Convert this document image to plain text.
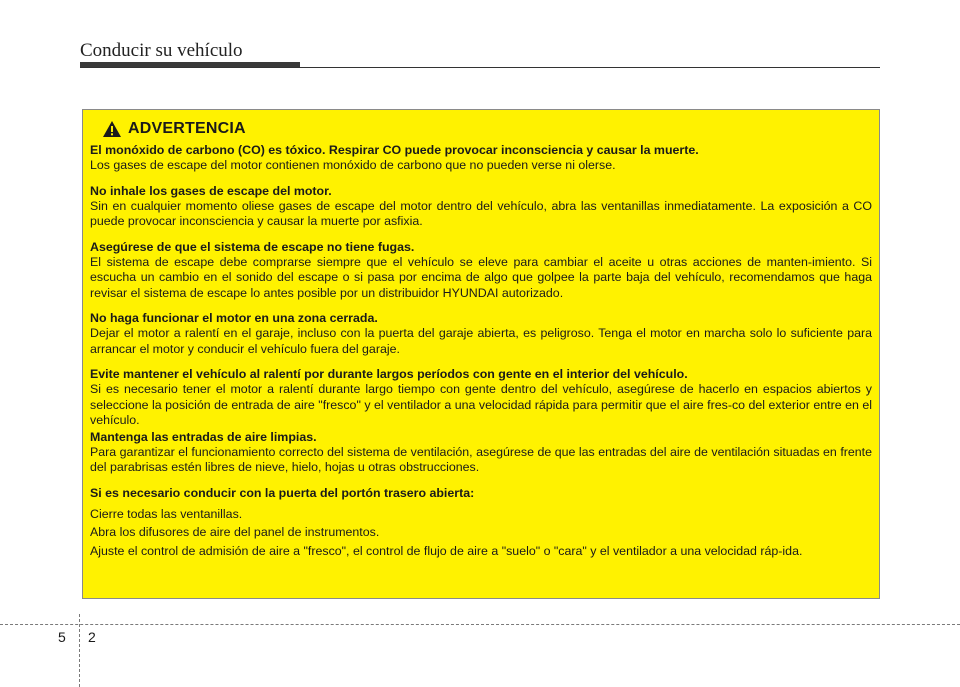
Conducir su vehículo
ADVERTENCIA

El monóxido de carbono (CO) es tóxico. Respirar CO puede provocar inconsciencia y causar la muerte.

Los gases de escape del motor contienen monóxido de carbono que no pueden verse ni olerse.

No inhale los gases de escape del motor.

Sin en cualquier momento oliese gases de escape del motor dentro del vehículo, abra las ventanillas inmediatamente. La exposición a CO puede provocar inconsciencia y causar la muerte por asfixia.

Asegúrese de que el sistema de escape no tiene fugas.

El sistema de escape debe comprarse siempre que el vehículo se eleve para cambiar el aceite u otras acciones de manten-imiento. Si escucha un cambio en el sonido del escape o si pasa por encima de algo que golpee la parte baja del vehículo, recomendamos que haga revisar el sistema de escape lo antes posible por un distribuidor HYUNDAI autorizado.

No haga funcionar el motor en una zona cerrada.

Dejar el motor a ralentí en el garaje, incluso con la puerta del garaje abierta, es peligroso. Tenga el motor en marcha solo lo suficiente para arrancar el motor y conducir el vehículo fuera del garaje.

Evite mantener el vehículo al ralentí por durante largos períodos con gente en el interior del vehículo.

Si es necesario tener el motor a ralentí durante largo tiempo con gente dentro del vehículo, asegúrese de hacerlo en espacios abiertos y seleccione la posición de entrada de aire "fresco" y el ventilador a una velocidad rápida para permitir que el aire fres-co del exterior entre en el vehículo.

Mantenga las entradas de aire limpias.

Para garantizar el funcionamiento correcto del sistema de ventilación, asegúrese de que las entradas del aire de ventilación situadas en frente del parabrisas estén libres de nieve, hielo, hojas u otras obstrucciones.

Si es necesario conducir con la puerta del portón trasero abierta:

Cierre todas las ventanillas.

Abra los difusores de aire del panel de instrumentos.

Ajuste el control de admisión de aire a "fresco", el control de flujo de aire a "suelo" o "cara" y el ventilador a una velocidad ráp-ida.

5 2
